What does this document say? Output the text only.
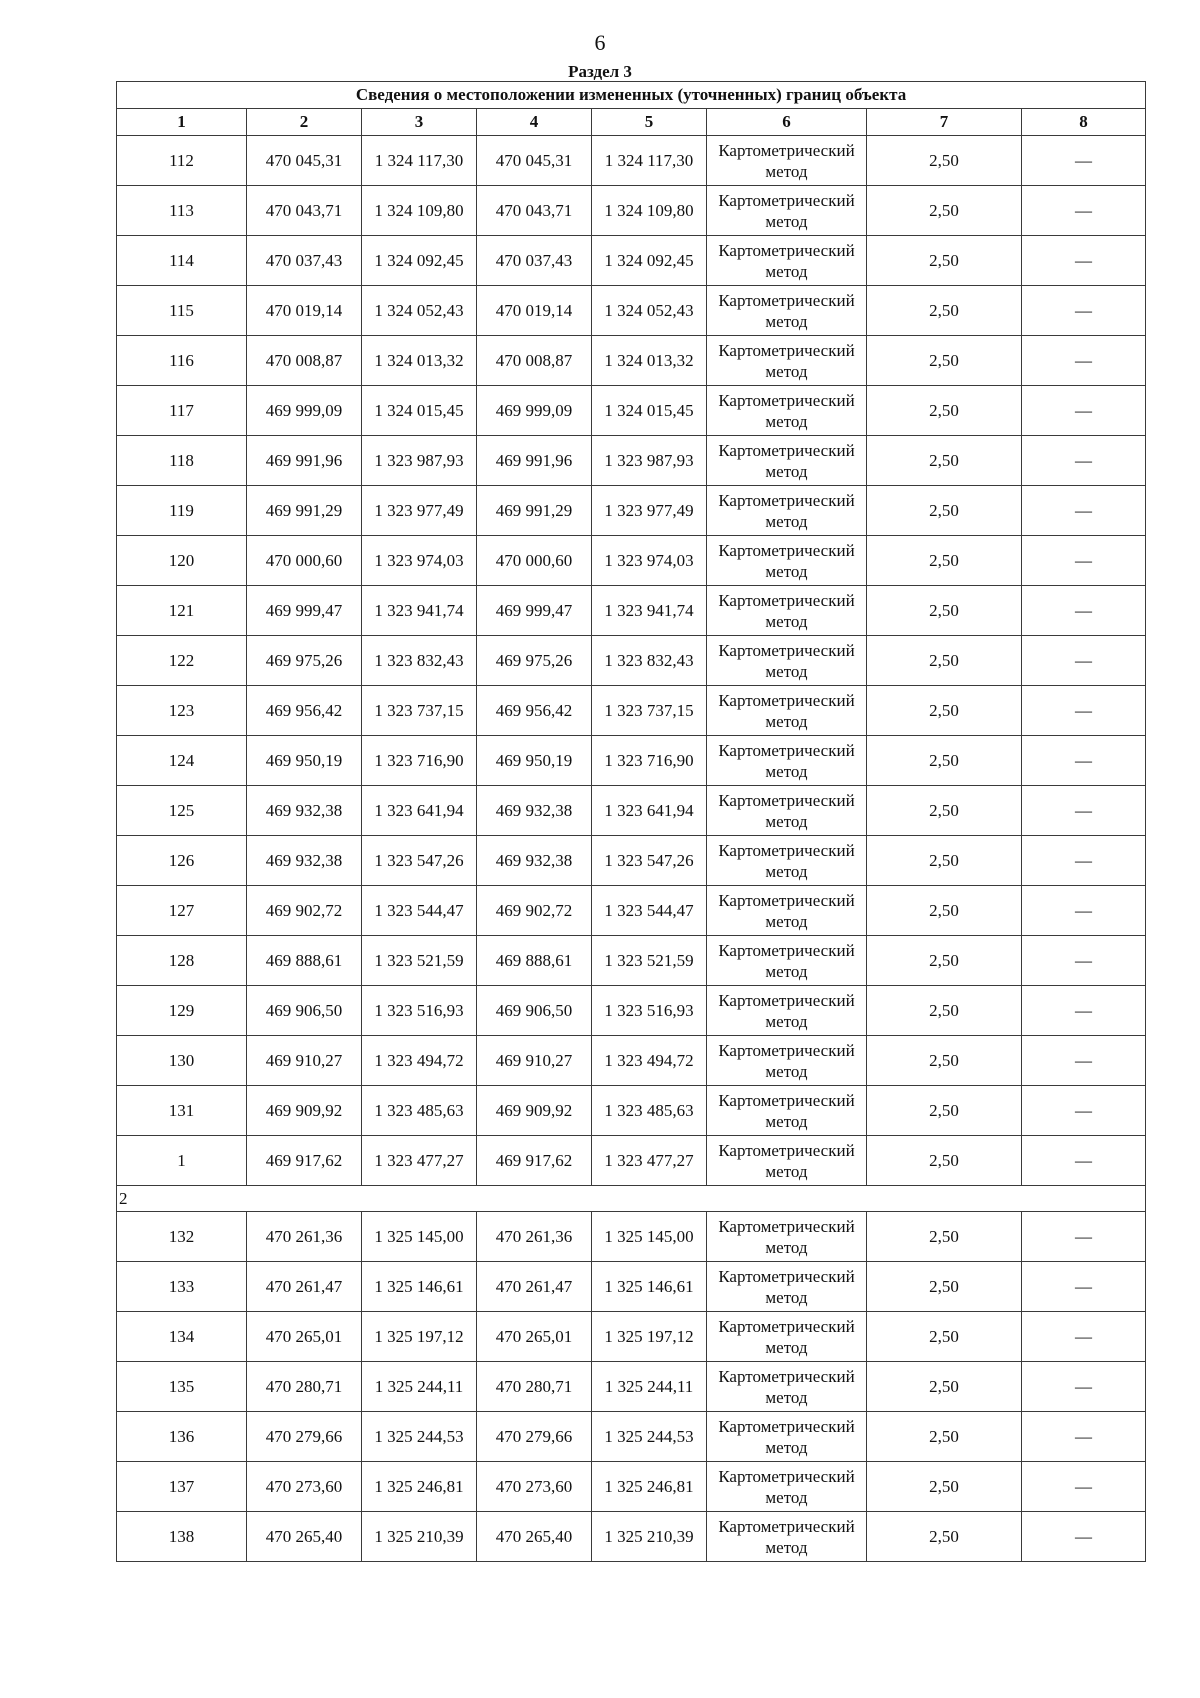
6
Раздел 3
Сведения о местоположении измененных (уточненных) границ объекта							
1	2	3	4	5	6	7	8
112	470 045,31	1 324 117,30	470 045,31	1 324 117,30	Картометрический метод	2,50	—
113	470 043,71	1 324 109,80	470 043,71	1 324 109,80	Картометрический метод	2,50	—
114	470 037,43	1 324 092,45	470 037,43	1 324 092,45	Картометрический метод	2,50	—
115	470 019,14	1 324 052,43	470 019,14	1 324 052,43	Картометрический метод	2,50	—
116	470 008,87	1 324 013,32	470 008,87	1 324 013,32	Картометрический метод	2,50	—
117	469 999,09	1 324 015,45	469 999,09	1 324 015,45	Картометрический метод	2,50	—
118	469 991,96	1 323 987,93	469 991,96	1 323 987,93	Картометрический метод	2,50	—
119	469 991,29	1 323 977,49	469 991,29	1 323 977,49	Картометрический метод	2,50	—
120	470 000,60	1 323 974,03	470 000,60	1 323 974,03	Картометрический метод	2,50	—
121	469 999,47	1 323 941,74	469 999,47	1 323 941,74	Картометрический метод	2,50	—
122	469 975,26	1 323 832,43	469 975,26	1 323 832,43	Картометрический метод	2,50	—
123	469 956,42	1 323 737,15	469 956,42	1 323 737,15	Картометрический метод	2,50	—
124	469 950,19	1 323 716,90	469 950,19	1 323 716,90	Картометрический метод	2,50	—
125	469 932,38	1 323 641,94	469 932,38	1 323 641,94	Картометрический метод	2,50	—
126	469 932,38	1 323 547,26	469 932,38	1 323 547,26	Картометрический метод	2,50	—
127	469 902,72	1 323 544,47	469 902,72	1 323 544,47	Картометрический метод	2,50	—
128	469 888,61	1 323 521,59	469 888,61	1 323 521,59	Картометрический метод	2,50	—
129	469 906,50	1 323 516,93	469 906,50	1 323 516,93	Картометрический метод	2,50	—
130	469 910,27	1 323 494,72	469 910,27	1 323 494,72	Картометрический метод	2,50	—
131	469 909,92	1 323 485,63	469 909,92	1 323 485,63	Картометрический метод	2,50	—
1	469 917,62	1 323 477,27	469 917,62	1 323 477,27	Картометрический метод	2,50	—
2							
132	470 261,36	1 325 145,00	470 261,36	1 325 145,00	Картометрический метод	2,50	—
133	470 261,47	1 325 146,61	470 261,47	1 325 146,61	Картометрический метод	2,50	—
134	470 265,01	1 325 197,12	470 265,01	1 325 197,12	Картометрический метод	2,50	—
135	470 280,71	1 325 244,11	470 280,71	1 325 244,11	Картометрический метод	2,50	—
136	470 279,66	1 325 244,53	470 279,66	1 325 244,53	Картометрический метод	2,50	—
137	470 273,60	1 325 246,81	470 273,60	1 325 246,81	Картометрический метод	2,50	—
138	470 265,40	1 325 210,39	470 265,40	1 325 210,39	Картометрический метод	2,50	—
